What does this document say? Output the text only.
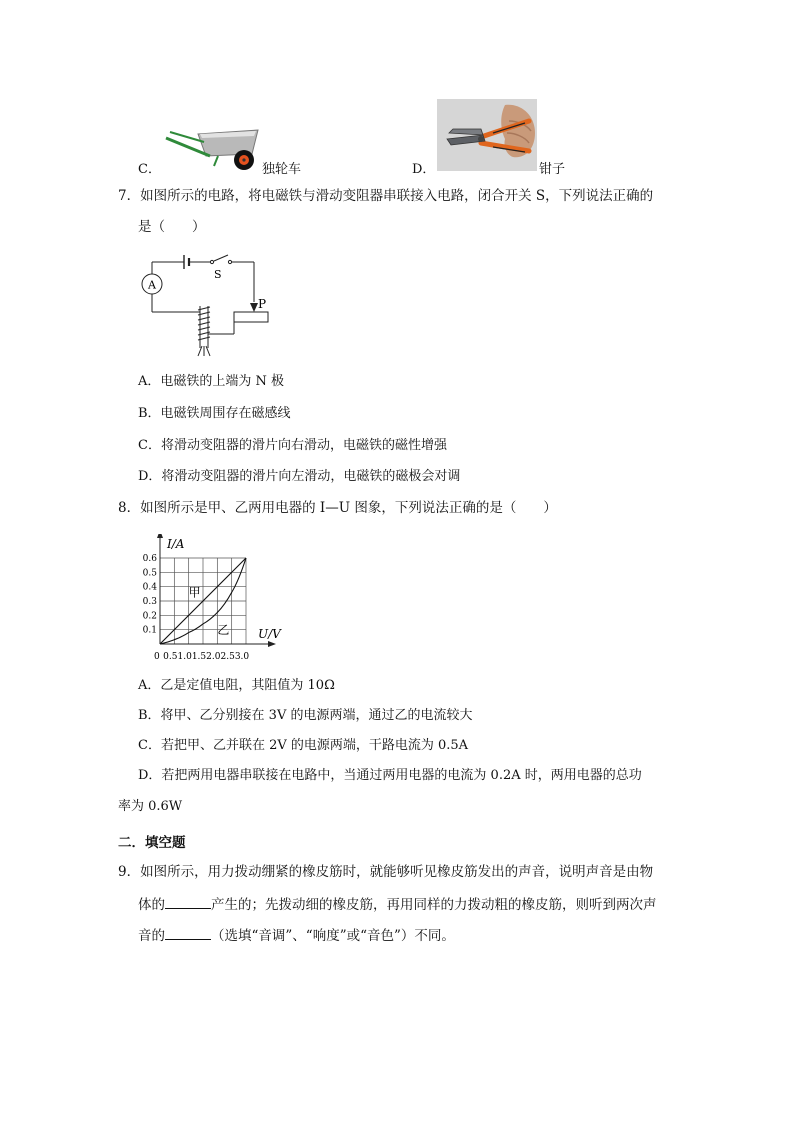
C．	独轮车	D．	钳子
7．如图所示的电路，将电磁铁与滑动变阻器串联接入电路，闭合开关 S，下列说法正确的
是（　　）
A
S
P
A．电磁铁的上端为 N 极
B．电磁铁周围存在磁感线
C．将滑动变阻器的滑片向右滑动，电磁铁的磁性增强
D．将滑动变阻器的滑片向左滑动，电磁铁的磁极会对调
8．如图所示是甲、乙两用电器的 I—U 图象，下列说法正确的是（　　）
甲
乙
0.1
0.2
0.3
0.4
0.5
0.6
0 0.5 1.0 1.5 2.0 2.5 3.0
U/V
I/A
A．乙是定值电阻，其阻值为 10Ω
B．将甲、乙分别接在 3V 的电源两端，通过乙的电流较大
C．若把甲、乙并联在 2V 的电源两端，干路电流为 0.5A
D．若把两用电器串联接在电路中，当通过两用电器的电流为 0.2A 时，两用电器的总功
率为 0.6W
二．填空题
9．如图所示，用力拨动绷紧的橡皮筋时，就能够听见橡皮筋发出的声音，说明声音是由物
体的	产生的；先拨动细的橡皮筋，再用同样的力拨动粗的橡皮筋，则听到两次声
音的	（选填“音调”、“响度”或“音色”）不同。
